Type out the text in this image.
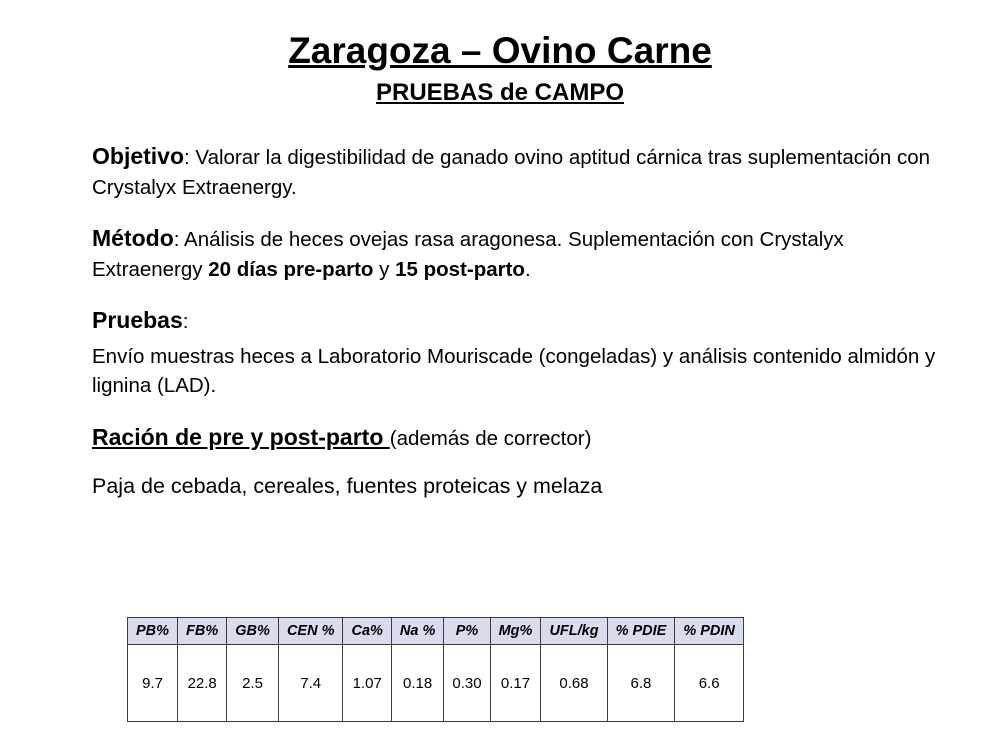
Zaragoza – Ovino Carne
PRUEBAS de CAMPO
Objetivo: Valorar la digestibilidad de ganado ovino aptitud cárnica tras suplementación con Crystalyx Extraenergy.
Método: Análisis de heces ovejas rasa aragonesa. Suplementación con Crystalyx Extraenergy 20 días pre-parto y 15 post-parto.
Pruebas:
Envío muestras heces a Laboratorio Mouriscade (congeladas) y análisis contenido almidón y lignina (LAD).
Ración de pre y post-parto (además de corrector)
Paja de cebada, cereales, fuentes proteicas y melaza
PB%	FB%	GB%	CEN %	Ca%	Na %	P%	Mg%	UFL/kg	% PDIE	% PDIN
9.7	22.8	2.5	7.4	1.07	0.18	0.30	0.17	0.68	6.8	6.6
